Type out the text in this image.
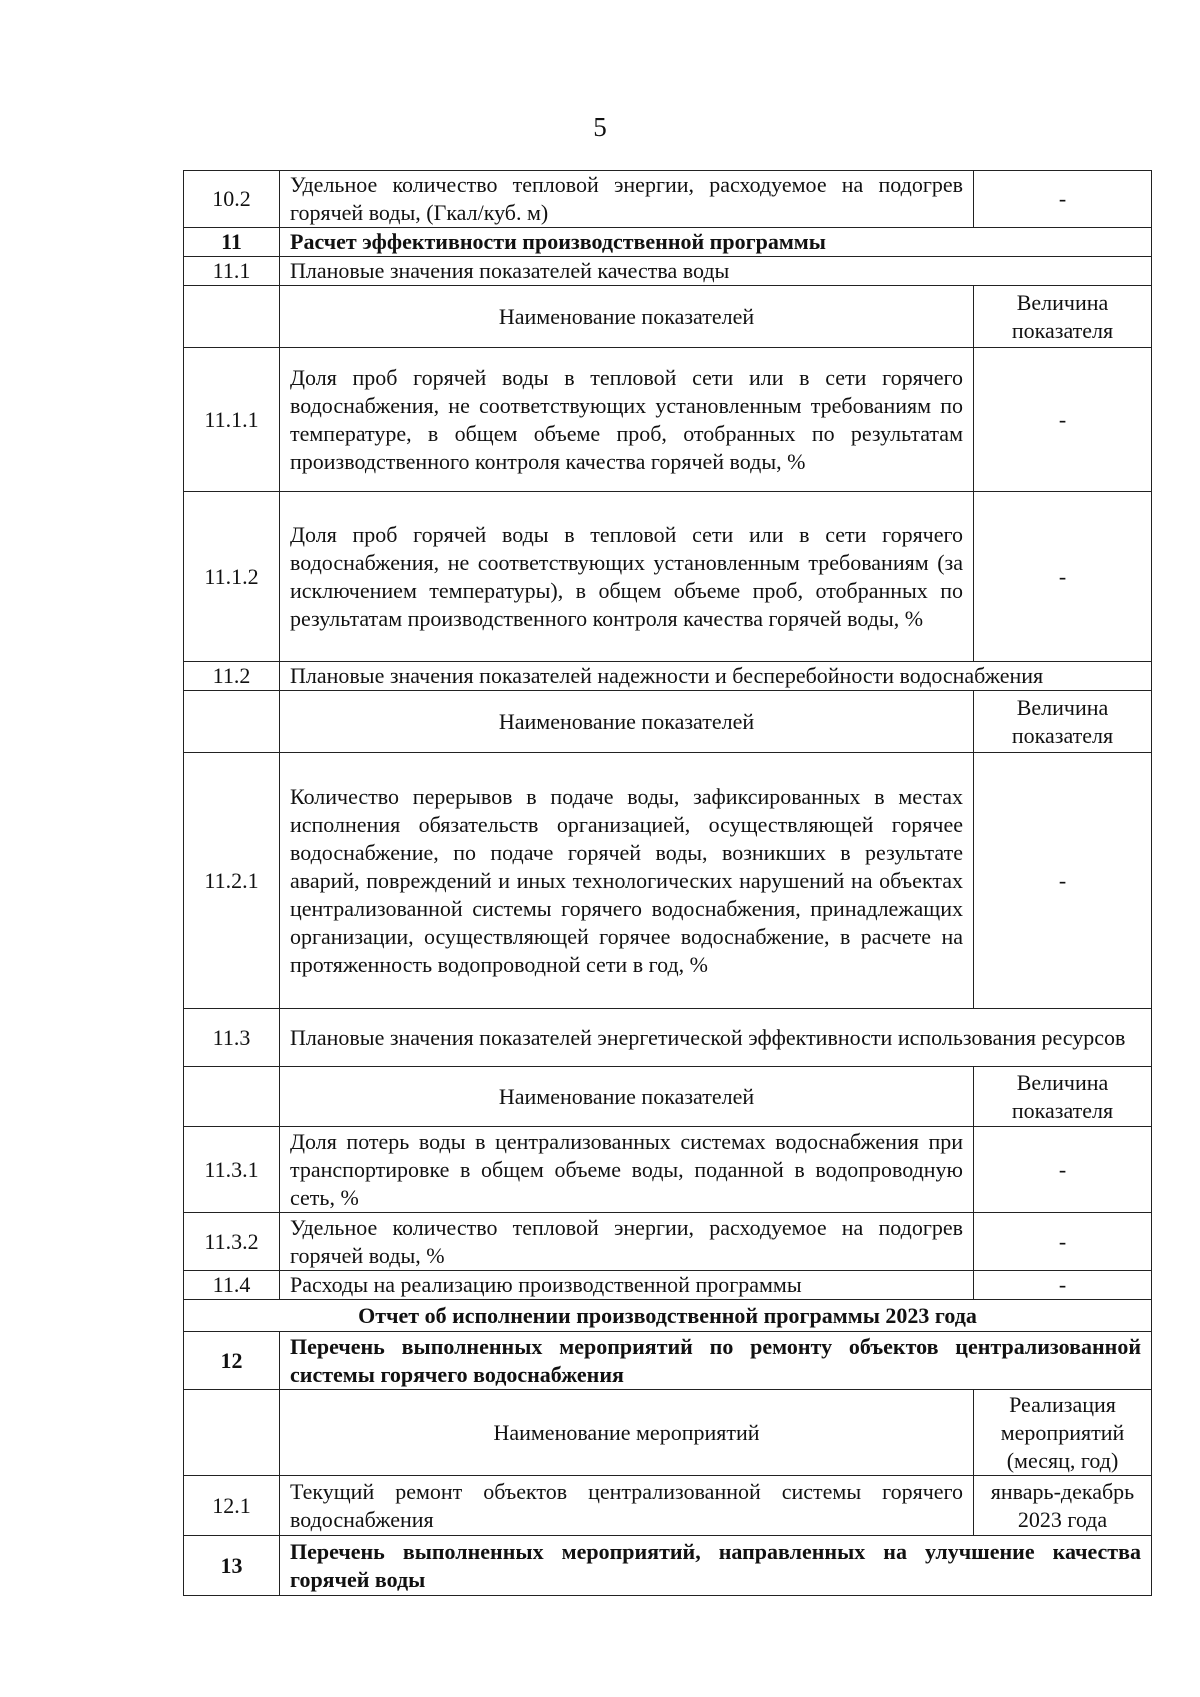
5
10.2	Удельное количество тепловой энергии, расходуемое на подогрев горячей воды, (Гкал/куб. м)	-
11	Расчет эффективности производственной программы	
11.1	Плановые значения показателей качества воды	
	Наименование показателей	Величина показателя
11.1.1	Доля проб горячей воды в тепловой сети или в сети горячего водоснабжения, не соответствующих установленным требованиям по температуре, в общем объеме проб, отобранных по результатам производственного контроля качества горячей воды, %	-
11.1.2	Доля проб горячей воды в тепловой сети или в сети горячего водоснабжения, не соответствующих установленным требованиям (за исключением температуры), в общем объеме проб, отобранных по результатам производственного контроля качества горячей воды, %	-
11.2	Плановые значения показателей надежности и бесперебойности водоснабжения	
	Наименование показателей	Величина показателя
11.2.1	Количество перерывов в подаче воды, зафиксированных в местах исполнения обязательств организацией, осуществляющей горячее водоснабжение, по подаче горячей воды, возникших в результате аварий, повреждений и иных технологических нарушений на объектах централизованной системы горячего водоснабжения, принадлежащих организации, осуществляющей горячее водоснабжение, в расчете на протяженность водопроводной сети в год, %	-
11.3	Плановые значения показателей энергетической эффективности использования ресурсов	
	Наименование показателей	Величина показателя
11.3.1	Доля потерь воды в централизованных системах водоснабжения при транспортировке в общем объеме воды, поданной в водопроводную сеть, %	-
11.3.2	Удельное количество тепловой энергии, расходуемое на подогрев горячей воды, %	-
11.4	Расходы на реализацию производственной программы	-
Отчет об исполнении производственной программы 2023 года		
12	Перечень выполненных мероприятий по ремонту объектов централизованной системы горячего водоснабжения	
	Наименование мероприятий	Реализация мероприятий (месяц, год)
12.1	Текущий ремонт объектов централизованной системы горячего водоснабжения	январь-декабрь 2023 года
13	Перечень выполненных мероприятий, направленных на улучшение качества горячей воды	
